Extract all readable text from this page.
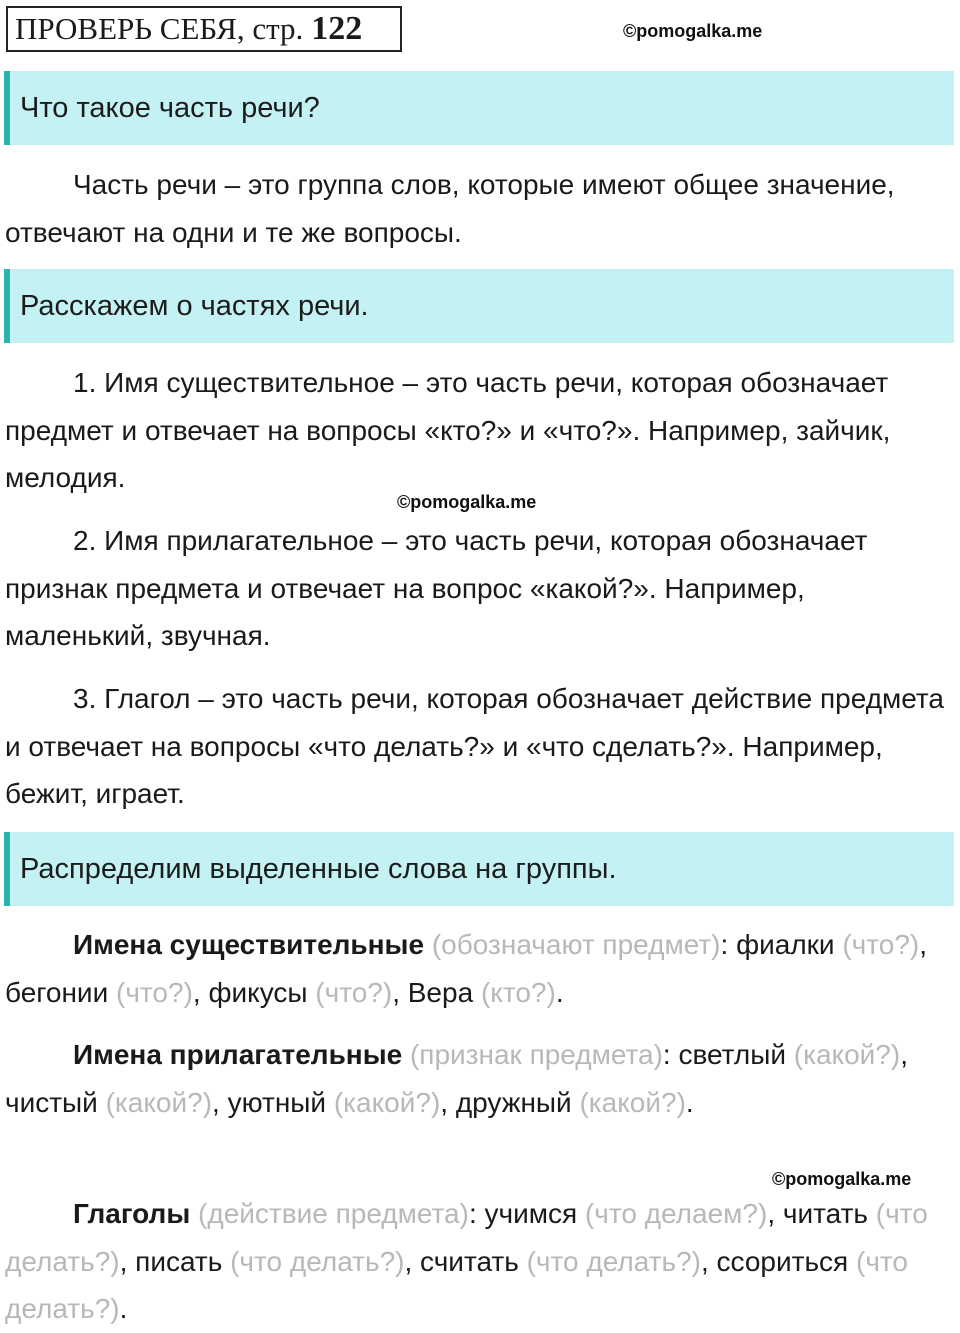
ПРОВЕРЬ СЕБЯ, стр. 122	©pomogalka.me
Что такое часть речи?

Часть речи – это группа слов, которые имеют общее значение, отвечают на одни и те же вопросы.

Расскажем о частях речи.

1. Имя существительное – это часть речи, которая обозначает предмет и отвечает на вопросы «кто?» и «что?». Например, зайчик, мелодия.

©pomogalka.me

2. Имя прилагательное – это часть речи, которая обозначает признак предмета и отвечает на вопрос «какой?». Например, маленький, звучная.

3. Глагол – это часть речи, которая обозначает действие предмета и отвечает на вопросы «что делать?» и «что сделать?». Например, бежит, играет.

Распределим выделенные слова на группы.

Имена существительные (обозначают предмет): фиалки (что?), бегонии (что?), фикусы (что?), Вера (кто?).

Имена прилагательные (признак предмета): светлый (какой?), чистый (какой?), уютный (какой?), дружный (какой?).

©pomogalka.me

Глаголы (действие предмета): учимся (что делаем?), читать (что делать?), писать (что делать?), считать (что делать?), ссориться (что делать?).
